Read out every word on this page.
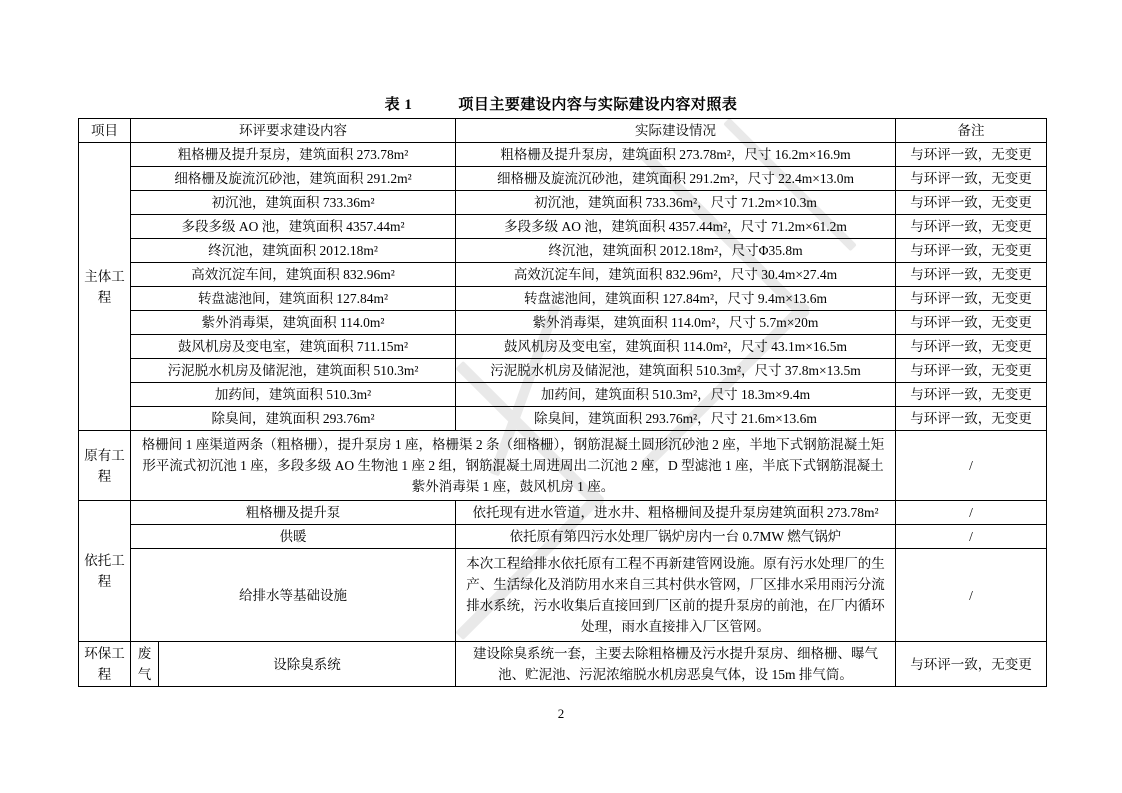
表 1	项目主要建设内容与实际建设内容对照表
项目	环评要求建设内容		实际建设情况	备注
主体工程	粗格栅及提升泵房，建筑面积 273.78m²		粗格栅及提升泵房，建筑面积 273.78m²，尺寸 16.2m×16.9m	与环评一致，无变更
	细格栅及旋流沉砂池，建筑面积 291.2m²		细格栅及旋流沉砂池，建筑面积 291.2m²，尺寸 22.4m×13.0m	与环评一致，无变更
	初沉池，建筑面积 733.36m²		初沉池，建筑面积 733.36m²，尺寸 71.2m×10.3m	与环评一致，无变更
	多段多级 AO 池，建筑面积 4357.44m²		多段多级 AO 池，建筑面积 4357.44m²，尺寸 71.2m×61.2m	与环评一致，无变更
	终沉池，建筑面积 2012.18m²		终沉池，建筑面积 2012.18m²，尺寸Φ35.8m	与环评一致，无变更
	高效沉淀车间，建筑面积 832.96m²		高效沉淀车间，建筑面积 832.96m²，尺寸 30.4m×27.4m	与环评一致，无变更
	转盘滤池间，建筑面积 127.84m²		转盘滤池间，建筑面积 127.84m²，尺寸 9.4m×13.6m	与环评一致，无变更
	紫外消毒渠，建筑面积 114.0m²		紫外消毒渠，建筑面积 114.0m²，尺寸 5.7m×20m	与环评一致，无变更
	鼓风机房及变电室，建筑面积 711.15m²		鼓风机房及变电室，建筑面积 114.0m²，尺寸 43.1m×16.5m	与环评一致，无变更
	污泥脱水机房及储泥池，建筑面积 510.3m²		污泥脱水机房及储泥池，建筑面积 510.3m²，尺寸 37.8m×13.5m	与环评一致，无变更
	加药间，建筑面积 510.3m²		加药间，建筑面积 510.3m²，尺寸 18.3m×9.4m	与环评一致，无变更
	除臭间，建筑面积 293.76m²		除臭间，建筑面积 293.76m²，尺寸 21.6m×13.6m	与环评一致，无变更
原有工程	格栅间 1 座渠道两条（粗格栅），提升泵房 1 座，格栅渠 2 条（细格栅），钢筋混凝土圆形沉砂池 2 座，半地下式钢筋混凝土矩形平流式初沉池 1 座，多段多级 AO 生物池 1 座 2 组，钢筋混凝土周进周出二沉池 2 座，D 型滤池 1 座，半底下式钢筋混凝土紫外消毒渠 1 座，鼓风机房 1 座。			/
依托工程	粗格栅及提升泵		依托现有进水管道，进水井、粗格栅间及提升泵房建筑面积 273.78m²	/
	供暖		依托原有第四污水处理厂锅炉房内一台 0.7MW 燃气锅炉	/
	给排水等基础设施		本次工程给排水依托原有工程不再新建管网设施。原有污水处理厂的生产、生活绿化及消防用水来自三其村供水管网，厂区排水采用雨污分流排水系统，污水收集后直接回到厂区前的提升泵房的前池，在厂内循环处理，雨水直接排入厂区管网。	/
环保工程	废气	设除臭系统	建设除臭系统一套，主要去除粗格栅及污水提升泵房、细格栅、曝气池、贮泥池、污泥浓缩脱水机房恶臭气体，设 15m 排气筒。	与环评一致，无变更
2
